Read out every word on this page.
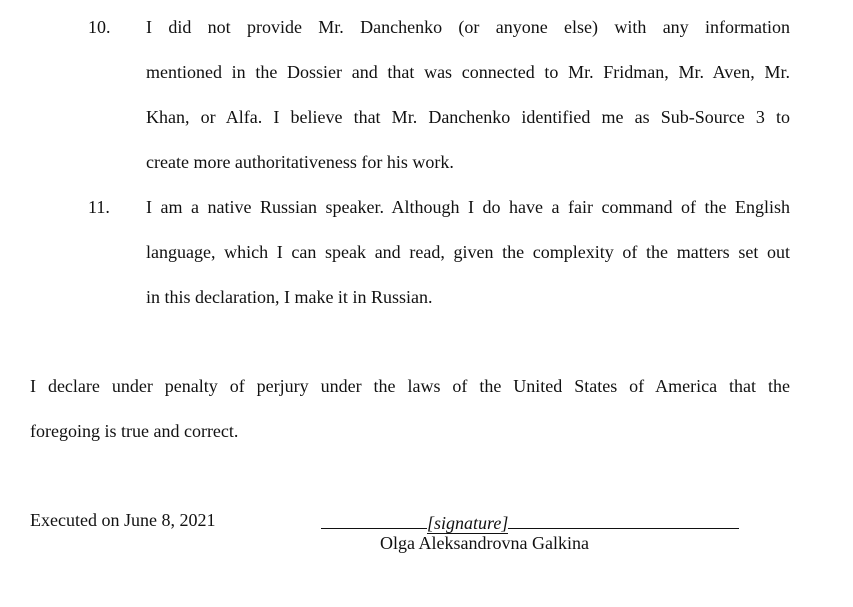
10.	I did not provide Mr. Danchenko (or anyone else) with any information
mentioned in the Dossier and that was connected to Mr. Fridman, Mr. Aven, Mr.
Khan, or Alfa. I believe that Mr. Danchenko identified me as Sub-Source 3 to
create more authoritativeness for his work.
11.	I am a native Russian speaker. Although I do have a fair command of the English
language, which I can speak and read, given the complexity of the matters set out
in this declaration, I make it in Russian.
I declare under penalty of perjury under the laws of the United States of America that the
foregoing is true and correct.
Executed on June 8, 2021	[signature]
Olga Aleksandrovna Galkina
